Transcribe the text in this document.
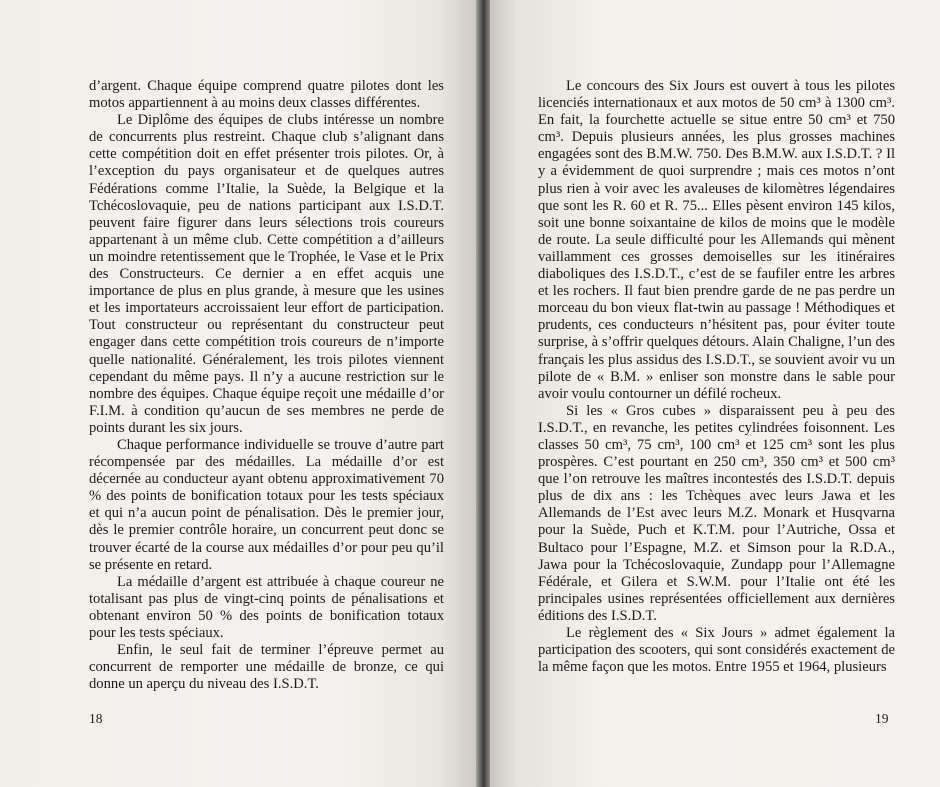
d’argent. Chaque équipe comprend quatre pilotes dont les motos appartiennent à au moins deux classes différentes.

Le Diplôme des équipes de clubs intéresse un nombre de concurrents plus restreint. Chaque club s’alignant dans cette compétition doit en effet présenter trois pilotes. Or, à l’exception du pays organisateur et de quelques autres Fédérations comme l’Italie, la Suède, la Belgique et la Tchécoslovaquie, peu de nations participant aux I.S.D.T. peuvent faire figurer dans leurs sélections trois coureurs appartenant à un même club. Cette compétition a d’ailleurs un moindre retentissement que le Trophée, le Vase et le Prix des Constructeurs. Ce dernier a en effet acquis une importance de plus en plus grande, à mesure que les usines et les importateurs accroissaient leur effort de participation. Tout constructeur ou représentant du constructeur peut engager dans cette compétition trois coureurs de n’importe quelle nationalité. Généralement, les trois pilotes viennent cependant du même pays. Il n’y a aucune restriction sur le nombre des équipes. Chaque équipe reçoit une médaille d’or F.I.M. à condition qu’aucun de ses membres ne perde de points durant les six jours.

Chaque performance individuelle se trouve d’autre part récompensée par des médailles. La médaille d’or est décernée au conducteur ayant obtenu approximativement 70 % des points de bonification totaux pour les tests spéciaux et qui n’a aucun point de pénalisation. Dès le premier jour, dès le premier contrôle horaire, un concurrent peut donc se trouver écarté de la course aux médailles d’or pour peu qu’il se présente en retard.

La médaille d’argent est attribuée à chaque coureur ne totalisant pas plus de vingt-cinq points de pénalisations et obtenant environ 50 % des points de bonification totaux pour les tests spéciaux.

Enfin, le seul fait de terminer l’épreuve permet au concurrent de remporter une médaille de bronze, ce qui donne un aperçu du niveau des I.S.D.T.

18

Le concours des Six Jours est ouvert à tous les pilotes licenciés internationaux et aux motos de 50 cm³ à 1300 cm³. En fait, la fourchette actuelle se situe entre 50 cm³ et 750 cm³. Depuis plusieurs années, les plus grosses machines engagées sont des B.M.W. 750. Des B.M.W. aux I.S.D.T. ? Il y a évidemment de quoi surprendre ; mais ces motos n’ont plus rien à voir avec les avaleuses de kilomètres légendaires que sont les R. 60 et R. 75... Elles pèsent environ 145 kilos, soit une bonne soixantaine de kilos de moins que le modèle de route. La seule difficulté pour les Allemands qui mènent vaillamment ces grosses demoiselles sur les itinéraires diaboliques des I.S.D.T., c’est de se faufiler entre les arbres et les rochers. Il faut bien prendre garde de ne pas perdre un morceau du bon vieux flat-twin au passage ! Méthodiques et prudents, ces conducteurs n’hésitent pas, pour éviter toute surprise, à s’offrir quelques détours. Alain Chaligne, l’un des français les plus assidus des I.S.D.T., se souvient avoir vu un pilote de « B.M. » enliser son monstre dans le sable pour avoir voulu contourner un défilé rocheux.

Si les « Gros cubes » disparaissent peu à peu des I.S.D.T., en revanche, les petites cylindrées foisonnent. Les classes 50 cm³, 75 cm³, 100 cm³ et 125 cm³ sont les plus prospères. C’est pourtant en 250 cm³, 350 cm³ et 500 cm³ que l’on retrouve les maîtres incontestés des I.S.D.T. depuis plus de dix ans : les Tchèques avec leurs Jawa et les Allemands de l’Est avec leurs M.Z. Monark et Husqvarna pour la Suède, Puch et K.T.M. pour l’Autriche, Ossa et Bultaco pour l’Espagne, M.Z. et Simson pour la R.D.A., Jawa pour la Tchécoslovaquie, Zundapp pour l’Allemagne Fédérale, et Gilera et S.W.M. pour l’Italie ont été les principales usines représentées officiellement aux dernières éditions des I.S.D.T.

Le règlement des « Six Jours » admet également la participation des scooters, qui sont considérés exactement de la même façon que les motos. Entre 1955 et 1964, plusieurs

19
